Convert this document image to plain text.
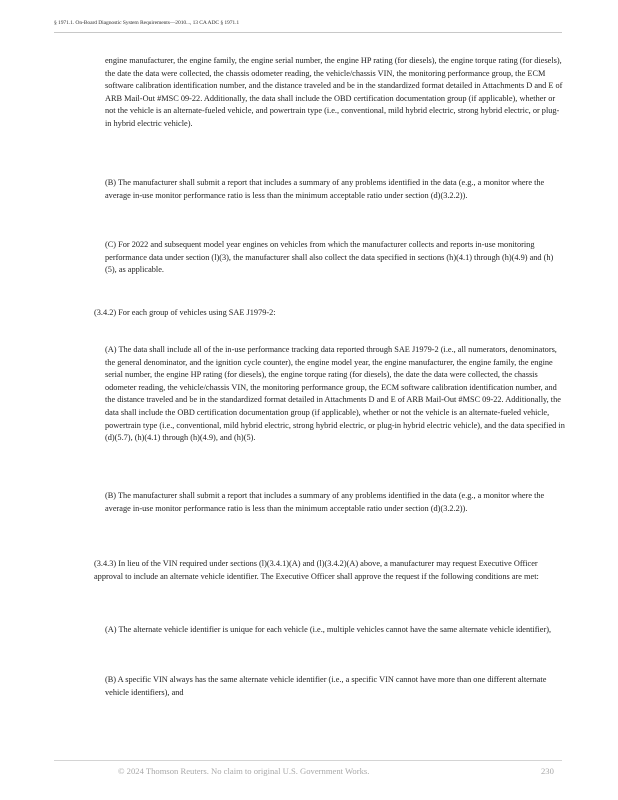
§ 1971.1. On-Board Diagnostic System Requirements—2010..., 13 CA ADC § 1971.1

engine manufacturer, the engine family, the engine serial number, the engine HP rating (for diesels), the engine torque rating (for diesels), the date the data were collected, the chassis odometer reading, the vehicle/chassis VIN, the monitoring performance group, the ECM software calibration identification number, and the distance traveled and be in the standardized format detailed in Attachments D and E of ARB Mail-Out #MSC 09-22. Additionally, the data shall include the OBD certification documentation group (if applicable), whether or not the vehicle is an alternate-fueled vehicle, and powertrain type (i.e., conventional, mild hybrid electric, strong hybrid electric, or plug-in hybrid electric vehicle).

(B) The manufacturer shall submit a report that includes a summary of any problems identified in the data (e.g., a monitor where the average in-use monitor performance ratio is less than the minimum acceptable ratio under section (d)(3.2.2)).

(C) For 2022 and subsequent model year engines on vehicles from which the manufacturer collects and reports in-use monitoring performance data under section (l)(3), the manufacturer shall also collect the data specified in sections (h)(4.1) through (h)(4.9) and (h)(5), as applicable.

(3.4.2) For each group of vehicles using SAE J1979-2:

(A) The data shall include all of the in-use performance tracking data reported through SAE J1979-2 (i.e., all numerators, denominators, the general denominator, and the ignition cycle counter), the engine model year, the engine manufacturer, the engine family, the engine serial number, the engine HP rating (for diesels), the engine torque rating (for diesels), the date the data were collected, the chassis odometer reading, the vehicle/chassis VIN, the monitoring performance group, the ECM software calibration identification number, and the distance traveled and be in the standardized format detailed in Attachments D and E of ARB Mail-Out #MSC 09-22. Additionally, the data shall include the OBD certification documentation group (if applicable), whether or not the vehicle is an alternate-fueled vehicle, powertrain type (i.e., conventional, mild hybrid electric, strong hybrid electric, or plug-in hybrid electric vehicle), and the data specified in (d)(5.7), (h)(4.1) through (h)(4.9), and (h)(5).

(B) The manufacturer shall submit a report that includes a summary of any problems identified in the data (e.g., a monitor where the average in-use monitor performance ratio is less than the minimum acceptable ratio under section (d)(3.2.2)).

(3.4.3) In lieu of the VIN required under sections (l)(3.4.1)(A) and (l)(3.4.2)(A) above, a manufacturer may request Executive Officer approval to include an alternate vehicle identifier. The Executive Officer shall approve the request if the following conditions are met:

(A) The alternate vehicle identifier is unique for each vehicle (i.e., multiple vehicles cannot have the same alternate vehicle identifier),

(B) A specific VIN always has the same alternate vehicle identifier (i.e., a specific VIN cannot have more than one different alternate vehicle identifiers), and

© 2024 Thomson Reuters. No claim to original U.S. Government Works.	230
